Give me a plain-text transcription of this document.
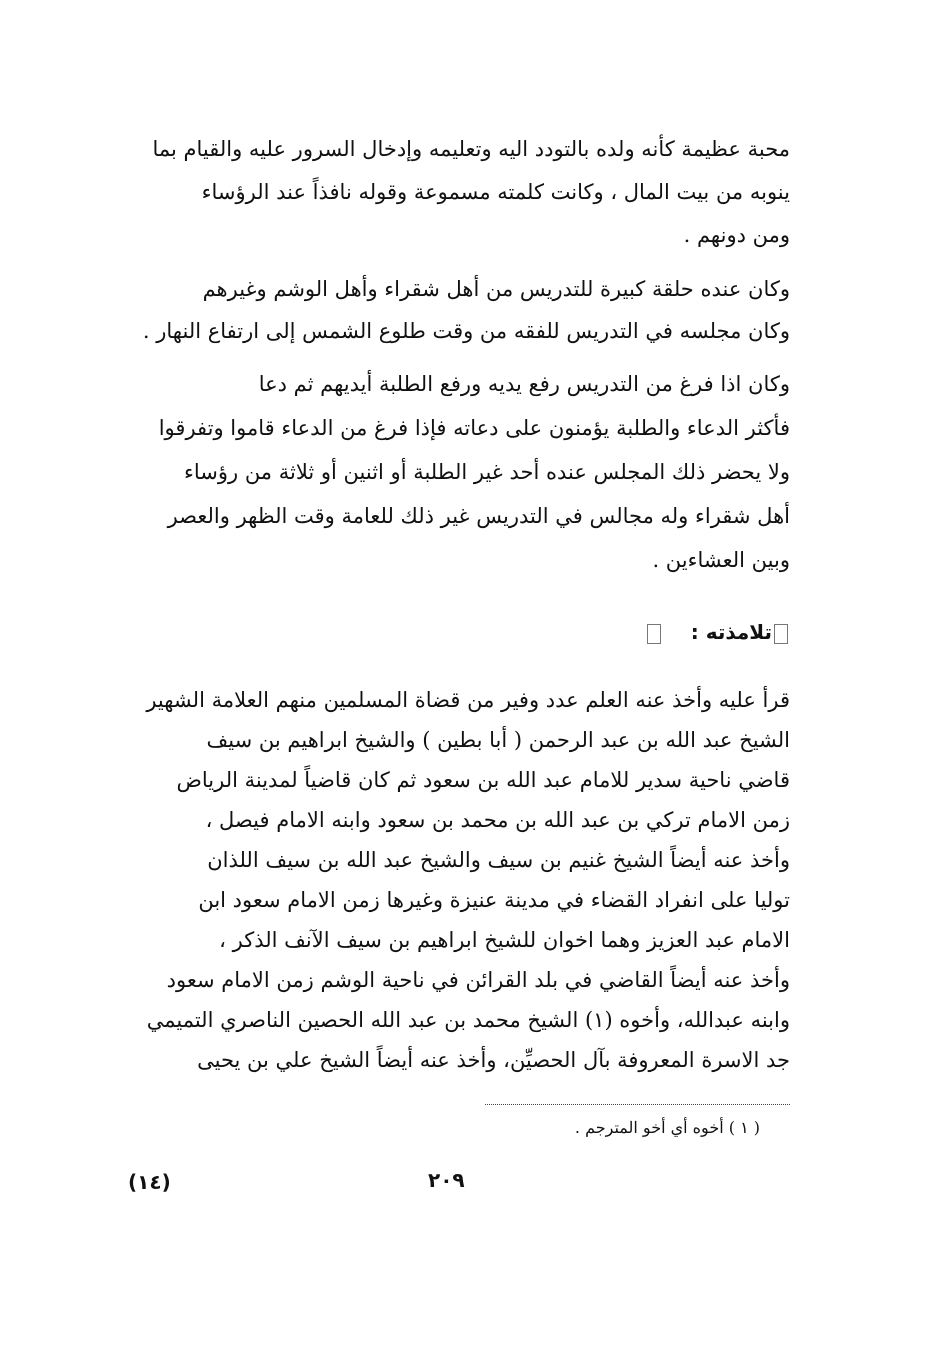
محبة عظيمة كأنه ولده بالتودد اليه وتعليمه وإدخال السرور عليه والقيام بما
ينوبه من بيت المال ، وكانت كلمته مسموعة وقوله نافذاً عند الرؤساء
ومن دونهم .
وكان عنده حلقة كبيرة للتدريس من أهل شقراء وأهل الوشم وغيرهم
وكان مجلسه في التدريس للفقه من وقت طلوع الشمس إلى ارتفاع النهار .
وكان اذا فرغ من التدريس رفع يديه ورفع الطلبة أيديهم ثم دعا
فأكثر الدعاء والطلبة يؤمنون على دعاته فإذا فرغ من الدعاء قاموا وتفرقوا
ولا يحضر ذلك المجلس عنده أحد غير الطلبة أو اثنين أو ثلاثة من رؤساء
أهل شقراء وله مجالس في التدريس غير ذلك للعامة وقت الظهر والعصر
وبين العشاءين .
تلامذته :
قرأ عليه وأخذ عنه العلم عدد وفير من قضاة المسلمين منهم العلامة الشهير
الشيخ عبد الله بن عبد الرحمن ( أبا بطين ) والشيخ ابراهيم بن سيف
قاضي ناحية سدير للامام عبد الله بن سعود ثم كان قاضياً لمدينة الرياض
زمن الامام تركي بن عبد الله بن محمد بن سعود وابنه الامام فيصل ،
وأخذ عنه أيضاً الشيخ غنيم بن سيف والشيخ عبد الله بن سيف اللذان
توليا على انفراد القضاء في مدينة عنيزة وغيرها زمن الامام سعود ابن
الامام عبد العزيز وهما اخوان للشيخ ابراهيم بن سيف الآنف الذكر ،
وأخذ عنه أيضاً القاضي في بلد القرائن في ناحية الوشم زمن الامام سعود
وابنه عبدالله، وأخوه (١) الشيخ محمد بن عبد الله الحصين الناصري التميمي
جد الاسرة المعروفة بآل الحصيِّن، وأخذ عنه أيضاً الشيخ علي بن يحيى
( ١ ) أخوه أي أخو المترجم .
(١٤)	٢٠٩
